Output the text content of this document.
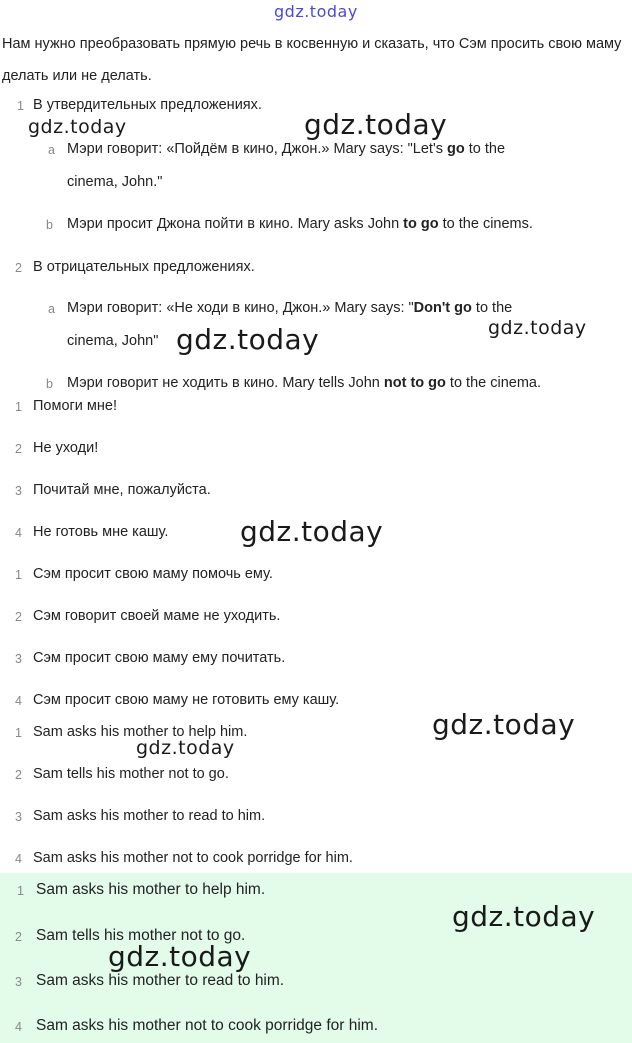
gdz.today
Нам нужно преобразовать прямую речь в косвенную и сказать, что Сэм просить свою маму делать или не делать.
1 В утвердительных предложениях.
a Мэри говорит: «Пойдём в кино, Джон.» Mary says: "Let's go to the
cinema, John."
b Мэри просит Джона пойти в кино. Mary asks John to go to the cinems.
2 В отрицательных предложениях.
a Мэри говорит: «Не ходи в кино, Джон.» Mary says: "Don't go to the
cinema, John"
b Мэри говорит не ходить в кино. Mary tells John not to go to the cinema.
1 Помоги мне!
2 Не уходи!
3 Почитай мне, пожалуйста.
4 Не готовь мне кашу.
1 Сэм просит свою маму помочь ему.
2 Сэм говорит своей маме не уходить.
3 Сэм просит свою маму ему почитать.
4 Сэм просит свою маму не готовить ему кашу.
1 Sam asks his mother to help him.
2 Sam tells his mother not to go.
3 Sam asks his mother to read to him.
4 Sam asks his mother not to cook porridge for him.
1 Sam asks his mother to help him.
2 Sam tells his mother not to go.
3 Sam asks his mother to read to him.
4 Sam asks his mother not to cook porridge for him.
gdz.today	gdz.today
gdz.today	gdz.today
gdz.today
gdz.today
gdz.today
gdz.today
gdz.today
